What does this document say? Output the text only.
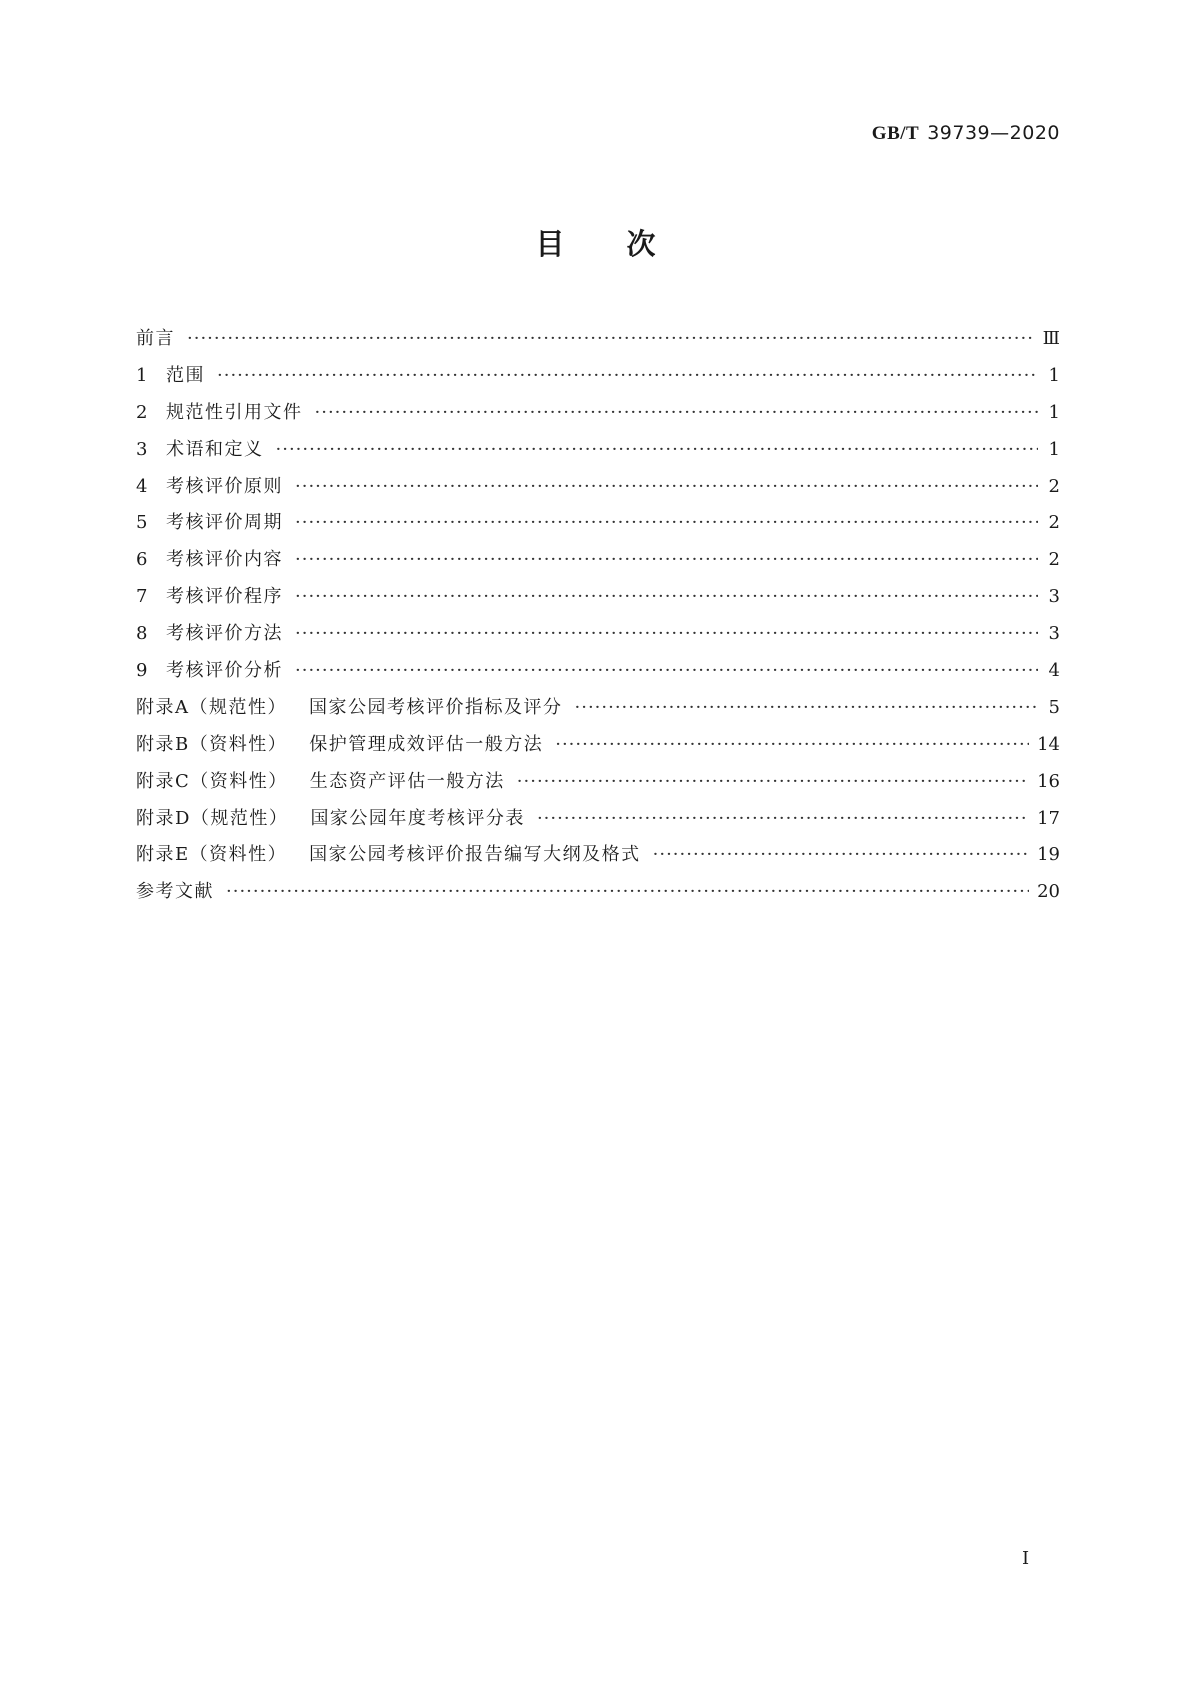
GB/T 39739—2020
目次
前言 ·····	Ⅲ
1	范围 ·····	1
2	规范性引用文件 ·····	1
3	术语和定义 ·····	1
4	考核评价原则 ·····	2
5	考核评价周期 ·····	2
6	考核评价内容 ·····	2
7	考核评价程序 ·····	3
8	考核评价方法 ·····	3
9	考核评价分析 ·····	4
附录A（规范性） 国家公园考核评价指标及评分 ·····	5
附录B（资料性） 保护管理成效评估一般方法 ·····	14
附录C（资料性） 生态资产评估一般方法 ·····	16
附录D（规范性） 国家公园年度考核评分表 ·····	17
附录E（资料性） 国家公园考核评价报告编写大纲及格式 ·····	19
参考文献 ·····	20
I
